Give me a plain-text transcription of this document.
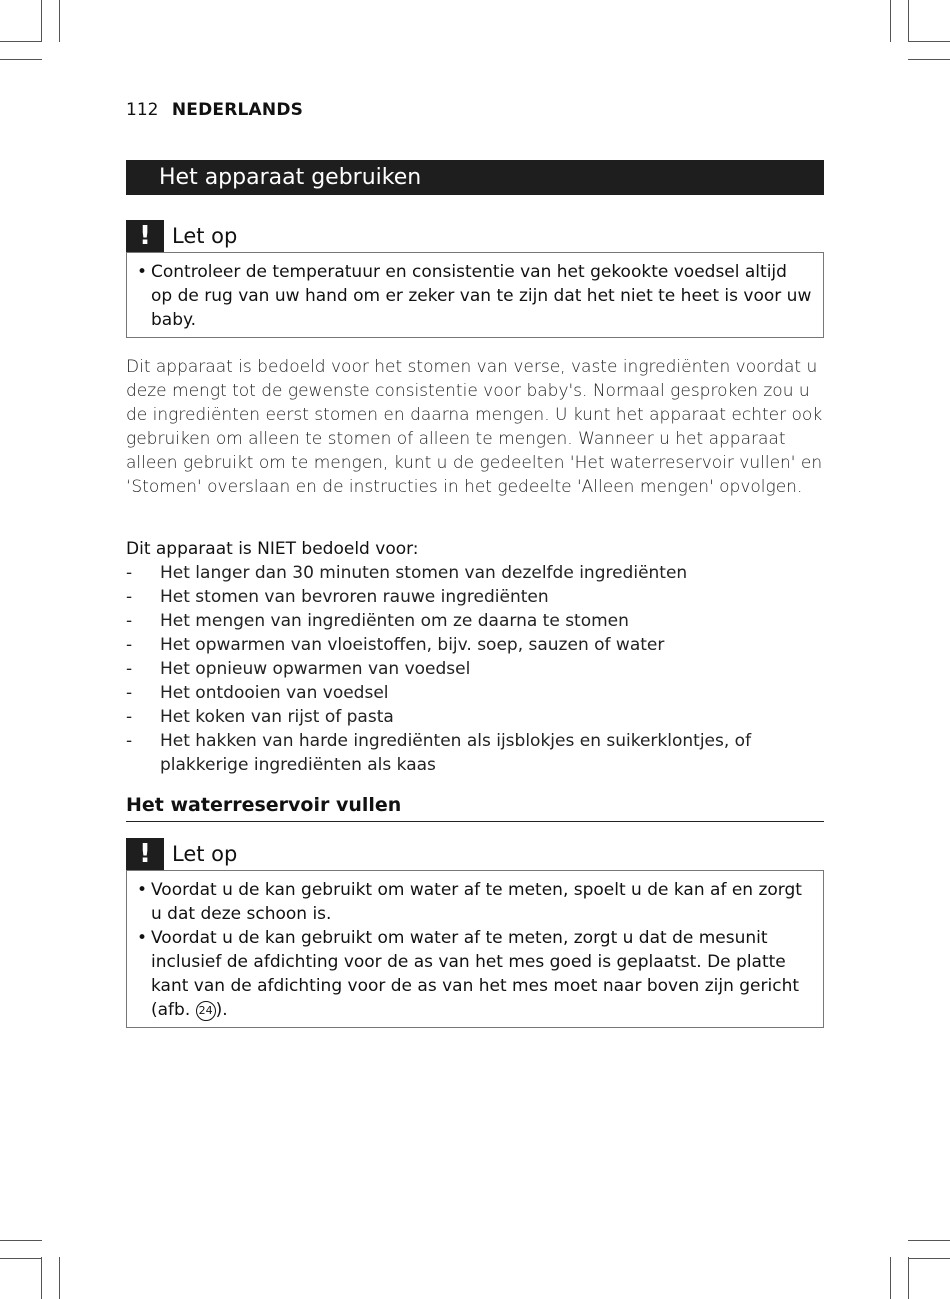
112 NEDERLANDS
Het apparaat gebruiken
!	Let op
• Controleer de temperatuur en consistentie van het gekookte voedsel altijd op de rug van uw hand om er zeker van te zijn dat het niet te heet is voor uw baby.
Dit apparaat is bedoeld voor het stomen van verse, vaste ingrediënten voordat u deze mengt tot de gewenste consistentie voor baby's. Normaal gesproken zou u de ingrediënten eerst stomen en daarna mengen. U kunt het apparaat echter ook gebruiken om alleen te stomen of alleen te mengen. Wanneer u het apparaat alleen gebruikt om te mengen, kunt u de gedeelten 'Het waterreservoir vullen' en ‘Stomen' overslaan en de instructies in het gedeelte 'Alleen mengen' opvolgen.
Dit apparaat is NIET bedoeld voor:
- Het langer dan 30 minuten stomen van dezelfde ingrediënten
- Het stomen van bevroren rauwe ingrediënten
- Het mengen van ingrediënten om ze daarna te stomen
- Het opwarmen van vloeistoffen, bijv. soep, sauzen of water
- Het opnieuw opwarmen van voedsel
- Het ontdooien van voedsel
- Het koken van rijst of pasta
- Het hakken van harde ingrediënten als ijsblokjes en suikerklontjes, of plakkerige ingrediënten als kaas
Het waterreservoir vullen
!	Let op
• Voordat u de kan gebruikt om water af te meten, spoelt u de kan af en zorgt u dat deze schoon is.
• Voordat u de kan gebruikt om water af te meten, zorgt u dat de mesunit inclusief de afdichting voor de as van het mes goed is geplaatst. De platte kant van de afdichting voor de as van het mes moet naar boven zijn gericht (afb. 24 ).
